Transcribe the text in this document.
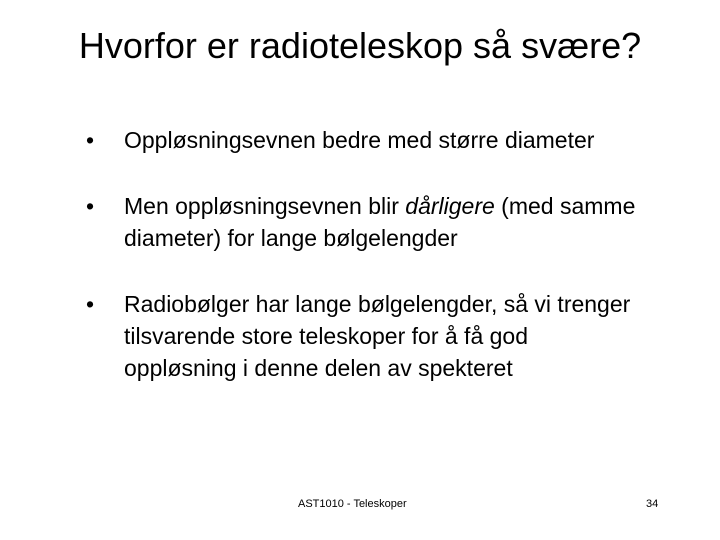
Hvorfor er radioteleskop så svære?
•	Oppløsningsevnen bedre med større diameter
•	Men oppløsningsevnen blir dårligere (med samme diameter) for lange bølgelengder
•	Radiobølger har lange bølgelengder, så vi trenger tilsvarende store teleskoper for å få god oppløsning i denne delen av spekteret
AST1010 - Teleskoper	34
